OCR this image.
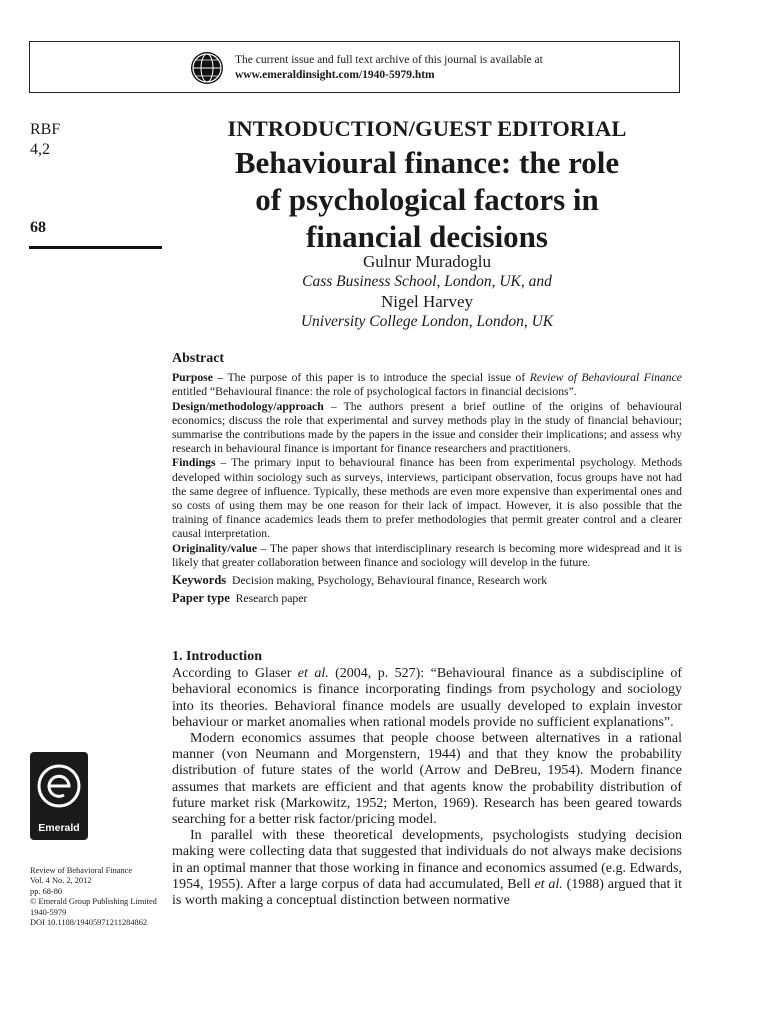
The current issue and full text archive of this journal is available at
www.emeraldinsight.com/1940-5979.htm
RBF
4,2
68
INTRODUCTION/GUEST EDITORIAL
Behavioural finance: the role
of psychological factors in
financial decisions
Gulnur Muradoglu
Cass Business School, London, UK, and
Nigel Harvey
University College London, London, UK
Abstract

Purpose – The purpose of this paper is to introduce the special issue of Review of Behavioural Finance entitled “Behavioural finance: the role of psychological factors in financial decisions”.

Design/methodology/approach – The authors present a brief outline of the origins of behavioural economics; discuss the role that experimental and survey methods play in the study of financial behaviour; summarise the contributions made by the papers in the issue and consider their implications; and assess why research in behavioural finance is important for finance researchers and practitioners.

Findings – The primary input to behavioural finance has been from experimental psychology. Methods developed within sociology such as surveys, interviews, participant observation, focus groups have not had the same degree of influence. Typically, these methods are even more expensive than experimental ones and so costs of using them may be one reason for their lack of impact. However, it is also possible that the training of finance academics leads them to prefer methodologies that permit greater control and a clearer causal interpretation.

Originality/value – The paper shows that interdisciplinary research is becoming more widespread and it is likely that greater collaboration between finance and sociology will develop in the future.

Keywords Decision making, Psychology, Behavioural finance, Research work

Paper type Research paper

1. Introduction

According to Glaser et al. (2004, p. 527): “Behavioural finance as a subdiscipline of behavioral economics is finance incorporating findings from psychology and sociology into its theories. Behavioral finance models are usually developed to explain investor behaviour or market anomalies when rational models provide no sufficient explanations”.

Modern economics assumes that people choose between alternatives in a rational manner (von Neumann and Morgenstern, 1944) and that they know the probability distribution of future states of the world (Arrow and DeBreu, 1954). Modern finance assumes that markets are efficient and that agents know the probability distribution of future market risk (Markowitz, 1952; Merton, 1969). Research has been geared towards searching for a better risk factor/pricing model.

In parallel with these theoretical developments, psychologists studying decision making were collecting data that suggested that individuals do not always make decisions in an optimal manner that those working in finance and economics assumed (e.g. Edwards, 1954, 1955). After a large corpus of data had accumulated, Bell et al. (1988) argued that it is worth making a conceptual distinction between normative

Emerald
Review of Behavioral Finance
Vol. 4 No. 2, 2012
pp. 68-80
© Emerald Group Publishing Limited
1940-5979
DOI 10.1108/19405971211284862
